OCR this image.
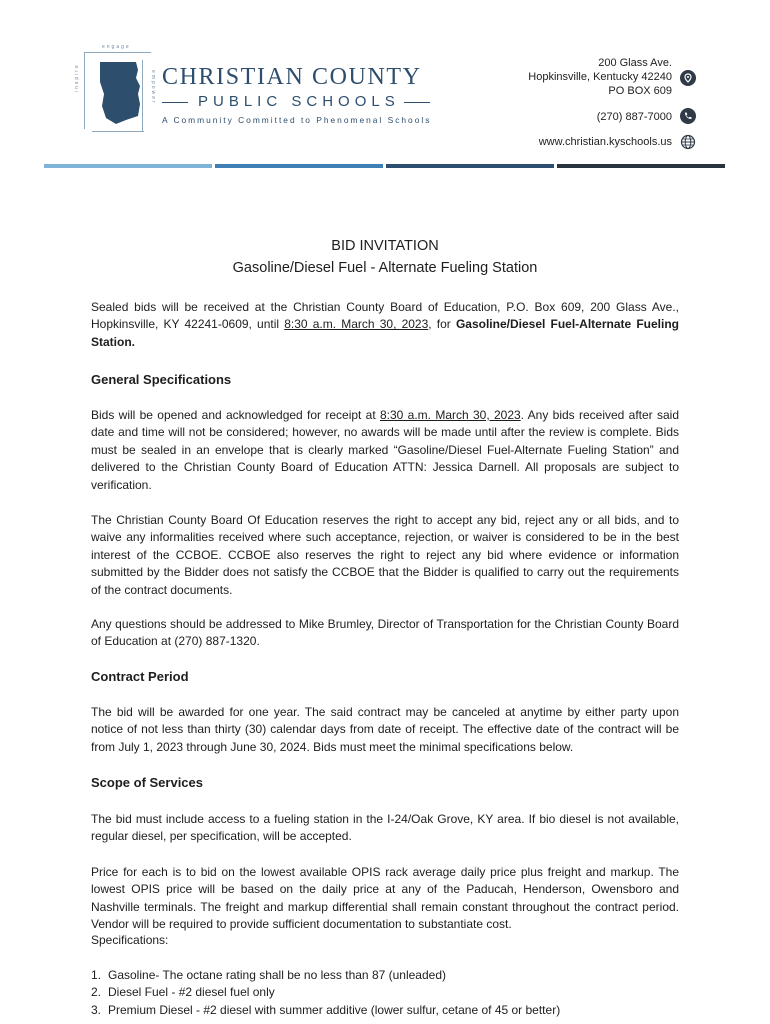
engage
inspire	empower CHRISTIAN COUNTY
PUBLIC SCHOOLS
A Community Committed to Phenomenal Schools
200 Glass Ave.
Hopkinsville, Kentucky 42240
PO BOX 609
(270) 887-7000
www.christian.kyschools.us
BID INVITATION
Gasoline/Diesel Fuel - Alternate Fueling Station
Sealed bids will be received at the Christian County Board of Education, P.O. Box 609, 200 Glass Ave., Hopkinsville, KY 42241-0609, until 8:30 a.m. March 30, 2023, for Gasoline/Diesel Fuel-Alternate Fueling Station.
General Specifications
Bids will be opened and acknowledged for receipt at 8:30 a.m. March 30, 2023. Any bids received after said date and time will not be considered; however, no awards will be made until after the review is complete. Bids must be sealed in an envelope that is clearly marked “Gasoline/Diesel Fuel-Alternate Fueling Station” and delivered to the Christian County Board of Education ATTN: Jessica Darnell. All proposals are subject to verification.
The Christian County Board Of Education reserves the right to accept any bid, reject any or all bids, and to waive any informalities received where such acceptance, rejection, or waiver is considered to be in the best interest of the CCBOE. CCBOE also reserves the right to reject any bid where evidence or information submitted by the Bidder does not satisfy the CCBOE that the Bidder is qualified to carry out the requirements of the contract documents.
Any questions should be addressed to Mike Brumley, Director of Transportation for the Christian County Board of Education at (270) 887-1320.
Contract Period
The bid will be awarded for one year. The said contract may be canceled at anytime by either party upon notice of not less than thirty (30) calendar days from date of receipt. The effective date of the contract will be from July 1, 2023 through June 30, 2024. Bids must meet the minimal specifications below.
Scope of Services
The bid must include access to a fueling station in the I-24/Oak Grove, KY area. If bio diesel is not available, regular diesel, per specification, will be accepted.
Price for each is to bid on the lowest available OPIS rack average daily price plus freight and markup. The lowest OPIS price will be based on the daily price at any of the Paducah, Henderson, Owensboro and Nashville terminals. The freight and markup differential shall remain constant throughout the contract period. Vendor will be required to provide sufficient documentation to substantiate cost.
Specifications:
1. Gasoline- The octane rating shall be no less than 87 (unleaded)
2. Diesel Fuel - #2 diesel fuel only
3. Premium Diesel - #2 diesel with summer additive (lower sulfur, cetane of 45 or better)
